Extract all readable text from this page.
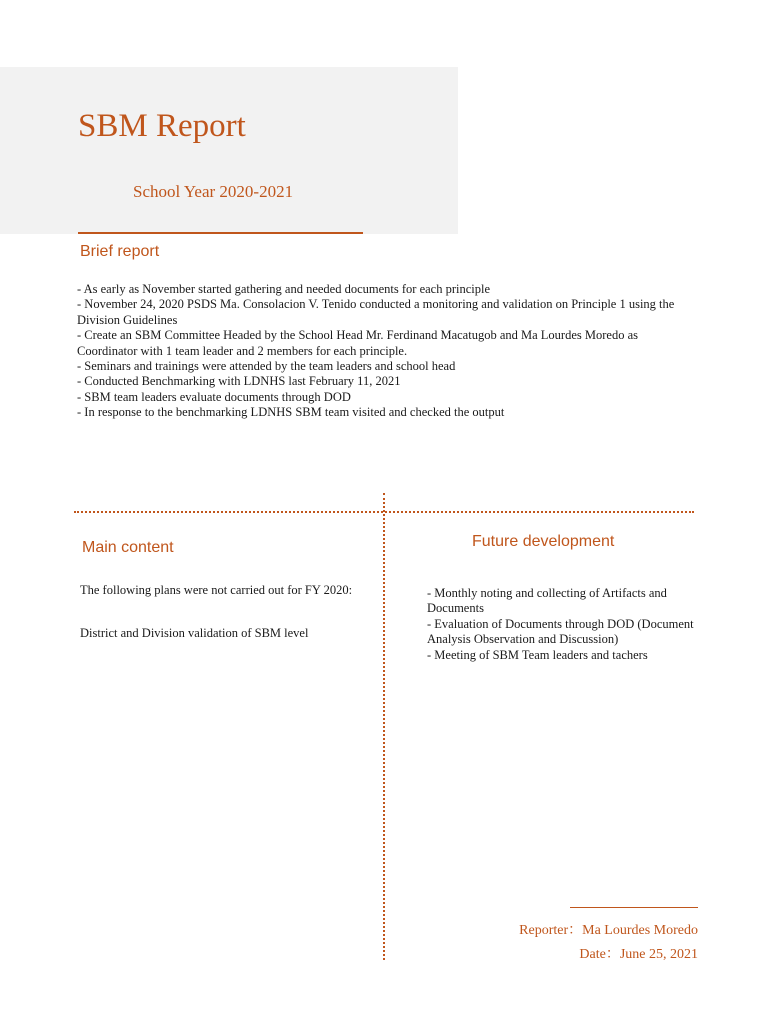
SBM Report
School Year 2020-2021
Brief report
- As early as November started gathering and needed documents for each principle
- November 24, 2020 PSDS Ma. Consolacion V. Tenido conducted a monitoring and validation on Principle 1 using the Division Guidelines
- Create an SBM Committee Headed by the School Head Mr. Ferdinand Macatugob and Ma Lourdes Moredo as Coordinator with 1 team leader and 2 members for each principle.
- Seminars and trainings were attended by the team leaders and school head
- Conducted Benchmarking with LDNHS last February 11, 2021
- SBM team leaders evaluate documents through DOD
- In response to the benchmarking LDNHS SBM team visited and checked the output
Main content

The following plans were not carried out for FY 2020:

District and Division validation of SBM level

Future development
- Monthly noting and collecting of Artifacts and Documents
- Evaluation of Documents through DOD (Document Analysis Observation and Discussion)
- Meeting of SBM Team leaders and tachers
Reporter：Ma Lourdes Moredo
Date：June 25, 2021
